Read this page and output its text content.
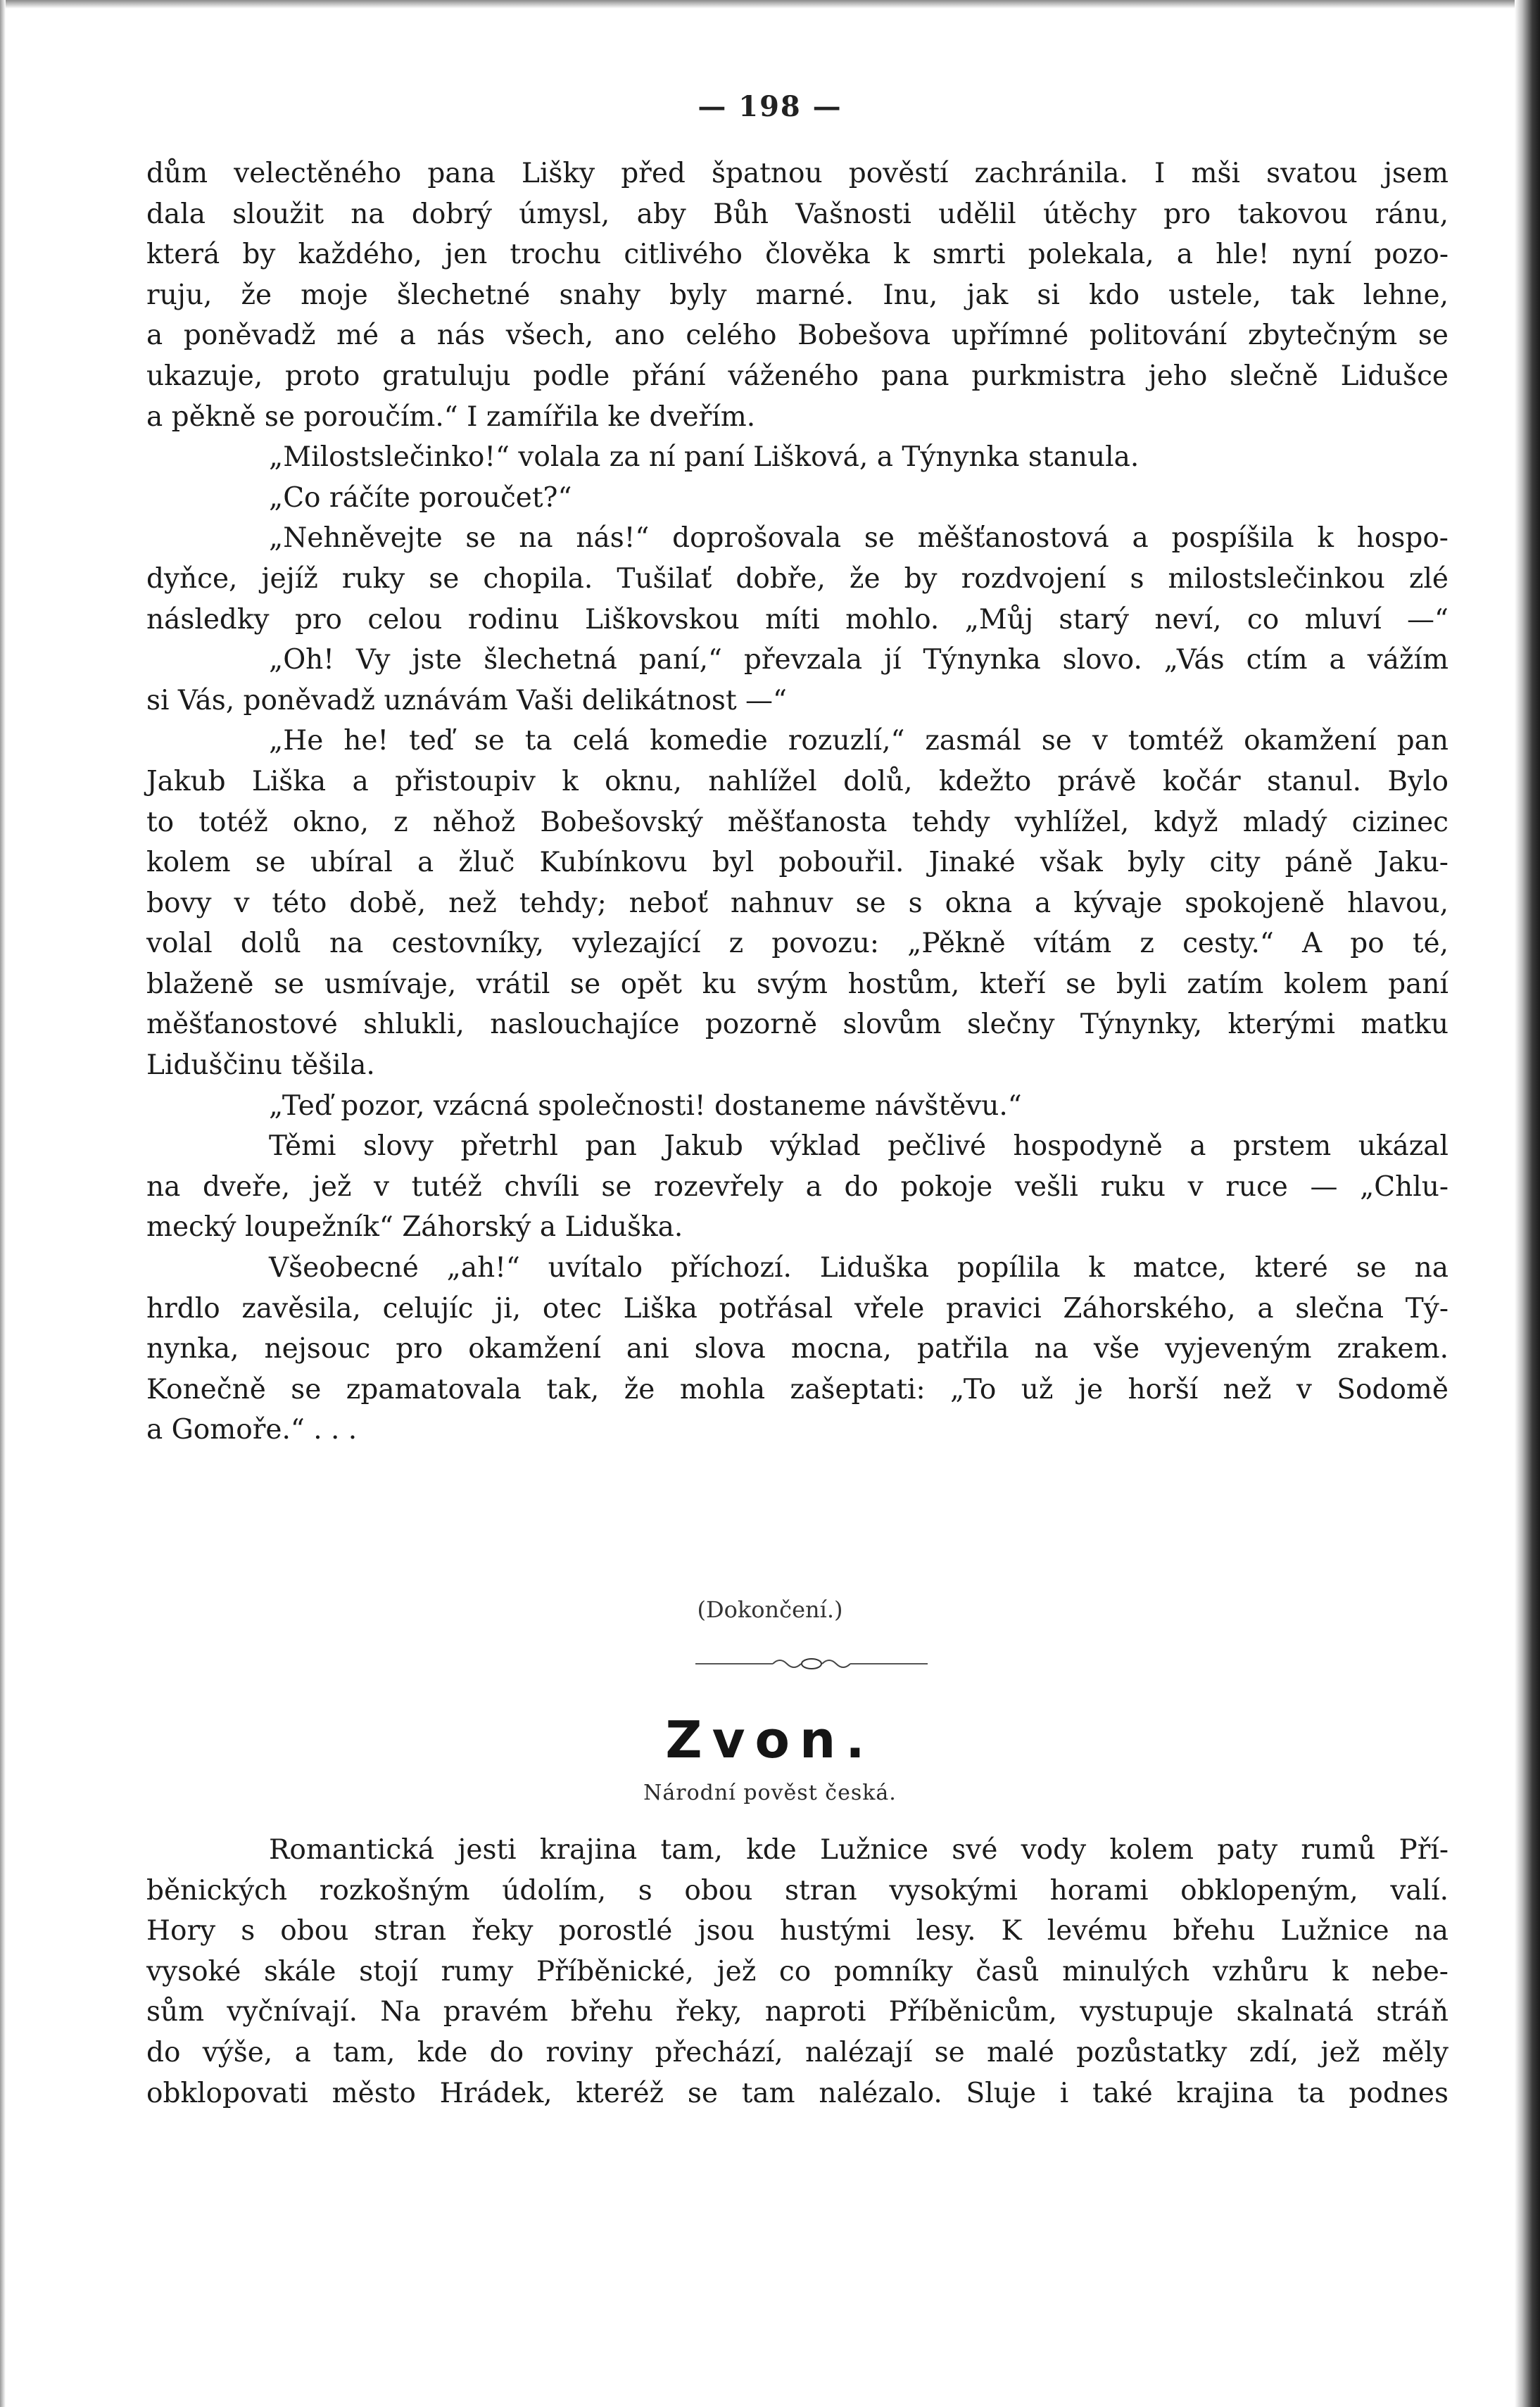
— 198 —
dům velectěného pana Lišky před špatnou pověstí zachránila. I mši svatou jsem
dala sloužit na dobrý úmysl, aby Bůh Vašnosti udělil útěchy pro takovou ránu,
která by každého, jen trochu citlivého člověka k smrti polekala, a hle! nyní pozo-
ruju, že moje šlechetné snahy byly marné. Inu, jak si kdo ustele, tak lehne,
a poněvadž mé a nás všech, ano celého Bobešova upřímné politování zbytečným se
ukazuje, proto gratuluju podle přání váženého pana purkmistra jeho slečně Lidušce
a pěkně se poroučím.“ I zamířila ke dveřím.
„Milostslečinko!“ volala za ní paní Lišková, a Týnynka stanula.
„Co ráčíte poroučet?“
„Nehněvejte se na nás!“ doprošovala se měšťanostová a pospíšila k hospo-
dyňce, jejíž ruky se chopila. Tušilať dobře, že by rozdvojení s milostslečinkou zlé
následky pro celou rodinu Liškovskou míti mohlo. „Můj starý neví, co mluví —“
„Oh! Vy jste šlechetná paní,“ převzala jí Týnynka slovo. „Vás ctím a vážím
si Vás, poněvadž uznávám Vaši delikátnost —“
„He he! teď se ta celá komedie rozuzlí,“ zasmál se v tomtéž okamžení pan
Jakub Liška a přistoupiv k oknu, nahlížel dolů, kdežto právě kočár stanul. Bylo
to totéž okno, z něhož Bobešovský měšťanosta tehdy vyhlížel, když mladý cizinec
kolem se ubíral a žluč Kubínkovu byl pobouřil. Jinaké však byly city páně Jaku-
bovy v této době, než tehdy; neboť nahnuv se s okna a kývaje spokojeně hlavou,
volal dolů na cestovníky, vylezající z povozu: „Pěkně vítám z cesty.“ A po té,
blaženě se usmívaje, vrátil se opět ku svým hostům, kteří se byli zatím kolem paní
měšťanostové shlukli, naslouchajíce pozorně slovům slečny Týnynky, kterými matku
Liduščinu těšila.
„Teď pozor, vzácná společnosti! dostaneme návštěvu.“
Těmi slovy přetrhl pan Jakub výklad pečlivé hospodyně a prstem ukázal
na dveře, jež v tutéž chvíli se rozevřely a do pokoje vešli ruku v ruce — „Chlu-
mecký loupežník“ Záhorský a Liduška.
Všeobecné „ah!“ uvítalo příchozí. Liduška popílila k matce, které se na
hrdlo zavěsila, celujíc ji, otec Liška potřásal vřele pravici Záhorského, a slečna Tý-
nynka, nejsouc pro okamžení ani slova mocna, patřila na vše vyjeveným zrakem.
Konečně se zpamatovala tak, že mohla zašeptati: „To už je horší než v Sodomě
a Gomoře.“ . . .
(Dokončení.)
Zvon.
Národní pověst česká.
Romantická jesti krajina tam, kde Lužnice své vody kolem paty rumů Pří-
běnických rozkošným údolím, s obou stran vysokými horami obklopeným, valí.
Hory s obou stran řeky porostlé jsou hustými lesy. K levému břehu Lužnice na
vysoké skále stojí rumy Příběnické, jež co pomníky časů minulých vzhůru k nebe-
sům vyčnívají. Na pravém břehu řeky, naproti Příběnicům, vystupuje skalnatá stráň
do výše, a tam, kde do roviny přechází, nalézají se malé pozůstatky zdí, jež měly
obklopovati město Hrádek, kteréž se tam nalézalo. Sluje i také krajina ta podnes
